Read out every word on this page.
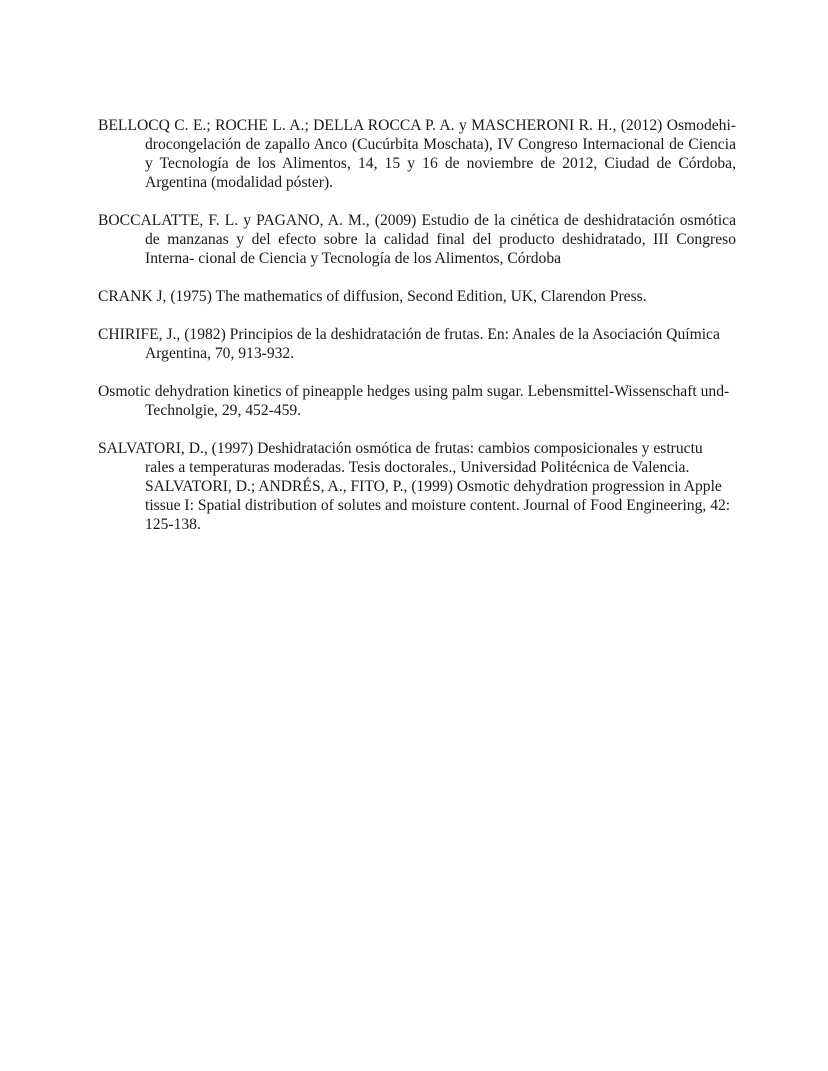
BELLOCQ C. E.; ROCHE L. A.; DELLA ROCCA P. A. y MASCHERONI R. H., (2012) Osmodehi- drocongelación de zapallo Anco (Cucúrbita Moschata), IV Congreso Internacional de Ciencia y Tecnología de los Alimentos, 14, 15 y 16 de noviembre de 2012, Ciudad de Córdoba, Argentina (modalidad póster).

BOCCALATTE, F. L. y PAGANO, A. M., (2009) Estudio de la cinética de deshidratación osmótica de manzanas y del efecto sobre la calidad final del producto deshidratado, III Congreso Interna- cional de Ciencia y Tecnología de los Alimentos, Córdoba

CRANK J, (1975) The mathematics of diffusion, Second Edition, UK, Clarendon Press.

CHIRIFE, J., (1982) Principios de la deshidratación de frutas. En: Anales de la Asociación Química Argentina, 70, 913-932.

Osmotic dehydration kinetics of pineapple hedges using palm sugar. Lebensmittel-Wissenschaft und-Technolgie, 29, 452-459.

SALVATORI, D., (1997) Deshidratación osmótica de frutas: cambios composicionales y estructu rales a temperaturas moderadas. Tesis doctorales., Universidad Politécnica de Valencia.
SALVATORI, D.; ANDRÉS, A., FITO, P., (1999) Osmotic dehydration progression in Apple tissue I: Spatial distribution of solutes and moisture content. Journal of Food Engineering, 42: 125-138.
